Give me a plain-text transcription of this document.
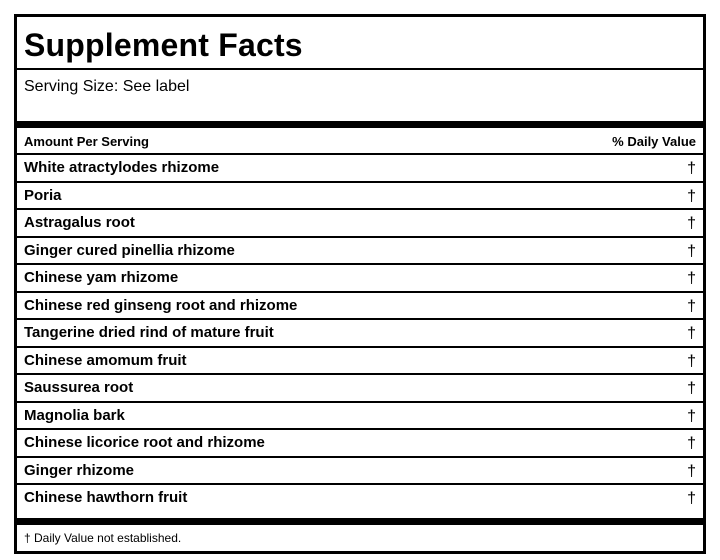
Supplement Facts
Serving Size: See label
Amount Per Serving	% Daily Value
White atractylodes rhizome	†
Poria	†
Astragalus root	†
Ginger cured pinellia rhizome	†
Chinese yam rhizome	†
Chinese red ginseng root and rhizome	†
Tangerine dried rind of mature fruit	†
Chinese amomum fruit	†
Saussurea root	†
Magnolia bark	†
Chinese licorice root and rhizome	†
Ginger rhizome	†
Chinese hawthorn fruit	†
† Daily Value not established.
